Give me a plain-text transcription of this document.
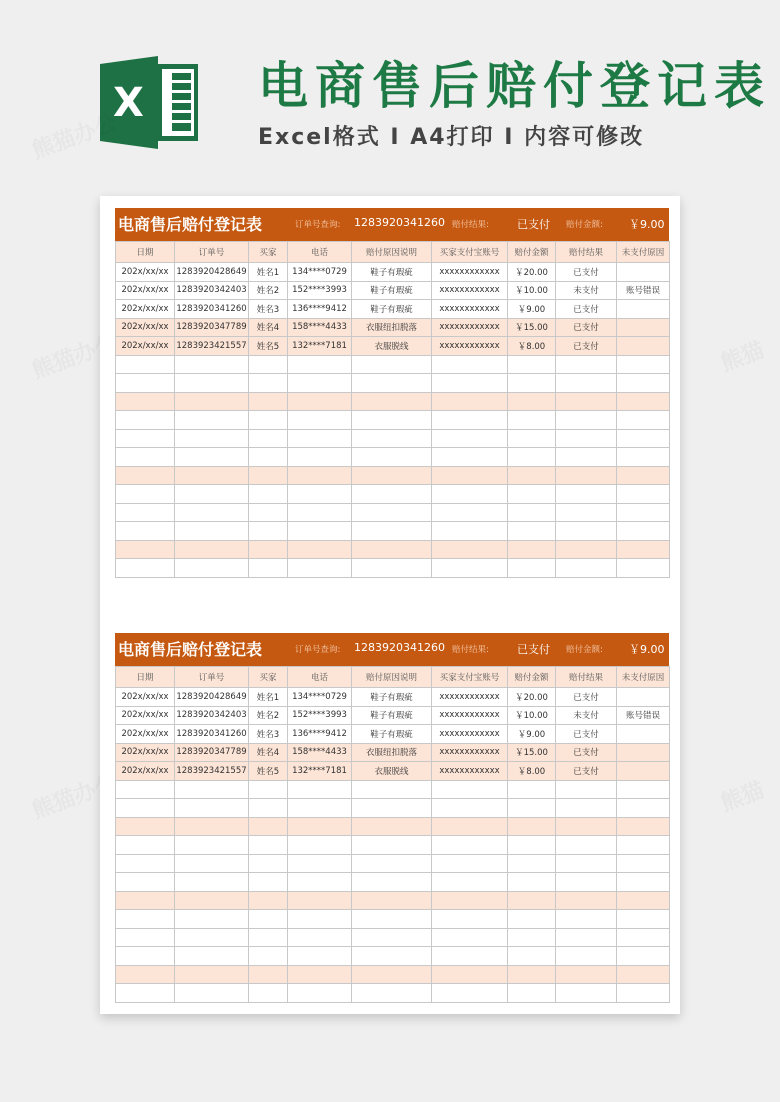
X 电商售后赔付登记表
Excel格式 I A4打印 I 内容可修改
电商售后赔付登记表	订单号查询: 1283920341260 赔付结果:	已支付 赔付金额: ￥9.00
日期	订单号	买家	电话	赔付原因说明	买家支付宝账号	赔付金额	赔付结果	未支付原因
202x/xx/xx	1283920428649	姓名1	134****0729	鞋子有瑕疵	xxxxxxxxxxxx	￥20.00	已支付	
202x/xx/xx	1283920342403	姓名2	152****3993	鞋子有瑕疵	xxxxxxxxxxxx	￥10.00	未支付	账号错误
202x/xx/xx	1283920341260	姓名3	136****9412	鞋子有瑕疵	xxxxxxxxxxxx	￥9.00	已支付	
202x/xx/xx	1283920347789	姓名4	158****4433	衣服纽扣脱落	xxxxxxxxxxxx	￥15.00	已支付	
202x/xx/xx	1283923421557	姓名5	132****7181	衣服脱线	xxxxxxxxxxxx	￥8.00	已支付	

电商售后赔付登记表	订单号查询: 1283920341260 赔付结果:	已支付 赔付金额: ￥9.00
日期	订单号	买家	电话	赔付原因说明	买家支付宝账号	赔付金额	赔付结果	未支付原因
202x/xx/xx	1283920428649	姓名1	134****0729	鞋子有瑕疵	xxxxxxxxxxxx	￥20.00	已支付	
202x/xx/xx	1283920342403	姓名2	152****3993	鞋子有瑕疵	xxxxxxxxxxxx	￥10.00	未支付	账号错误
202x/xx/xx	1283920341260	姓名3	136****9412	鞋子有瑕疵	xxxxxxxxxxxx	￥9.00	已支付	
202x/xx/xx	1283920347789	姓名4	158****4433	衣服纽扣脱落	xxxxxxxxxxxx	￥15.00	已支付	
202x/xx/xx	1283923421557	姓名5	132****7181	衣服脱线	xxxxxxxxxxxx	￥8.00	已支付	
